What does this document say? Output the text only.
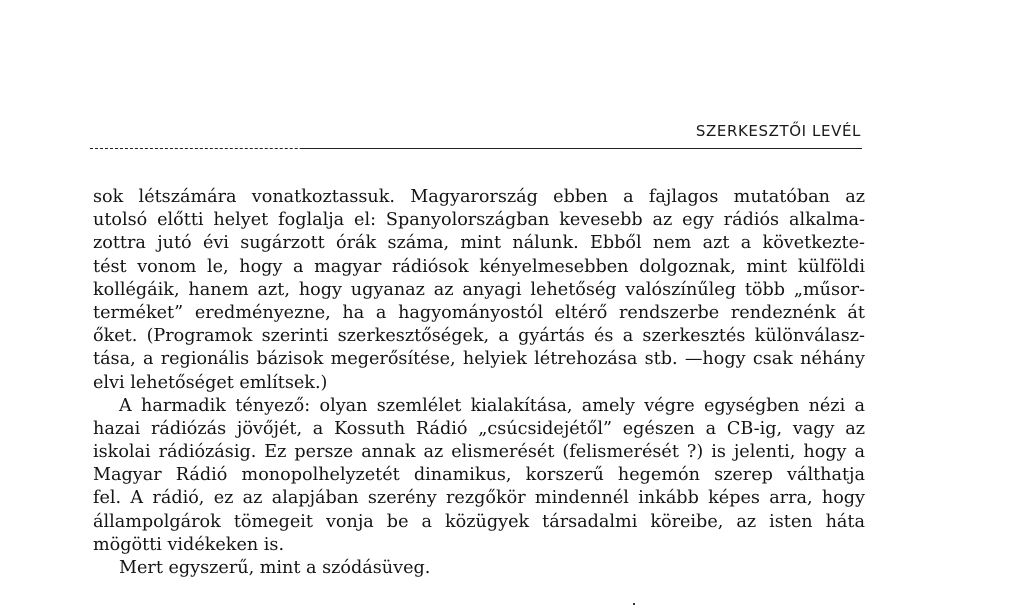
SZERKESZTŐI LEVÉL
sok létszámára vonatkoztassuk. Magyarország ebben a fajlagos mutatóban az
utolsó előtti helyet foglalja el: Spanyolországban kevesebb az egy rádiós alkalma-
zottra jutó évi sugárzott órák száma, mint nálunk. Ebből nem azt a következte-
tést vonom le, hogy a magyar rádiósok kényelmesebben dolgoznak, mint külföldi
kollégáik, hanem azt, hogy ugyanaz az anyagi lehetőség valószínűleg több „műsor-
terméket” eredményezne, ha a hagyományostól eltérő rendszerbe rendeznénk át
őket. (Programok szerinti szerkesztőségek, a gyártás és a szerkesztés különválasz-
tása, a regionális bázisok megerősítése, helyiek létrehozása stb. —hogy csak néhány
elvi lehetőséget említsek.)
A harmadik tényező: olyan szemlélet kialakítása, amely végre egységben nézi a
hazai rádiózás jövőjét, a Kossuth Rádió „csúcsidejétől” egészen a CB-ig, vagy az
iskolai rádiózásig. Ez persze annak az elismerését (felismerését ?) is jelenti, hogy a
Magyar Rádió monopolhelyzetét dinamikus, korszerű hegemón szerep válthatja
fel. A rádió, ez az alapjában szerény rezgőkör mindennél inkább képes arra, hogy
állampolgárok tömegeit vonja be a közügyek társadalmi köreibe, az isten háta
mögötti vidékeken is.
Mert egyszerű, mint a szódásüveg.
